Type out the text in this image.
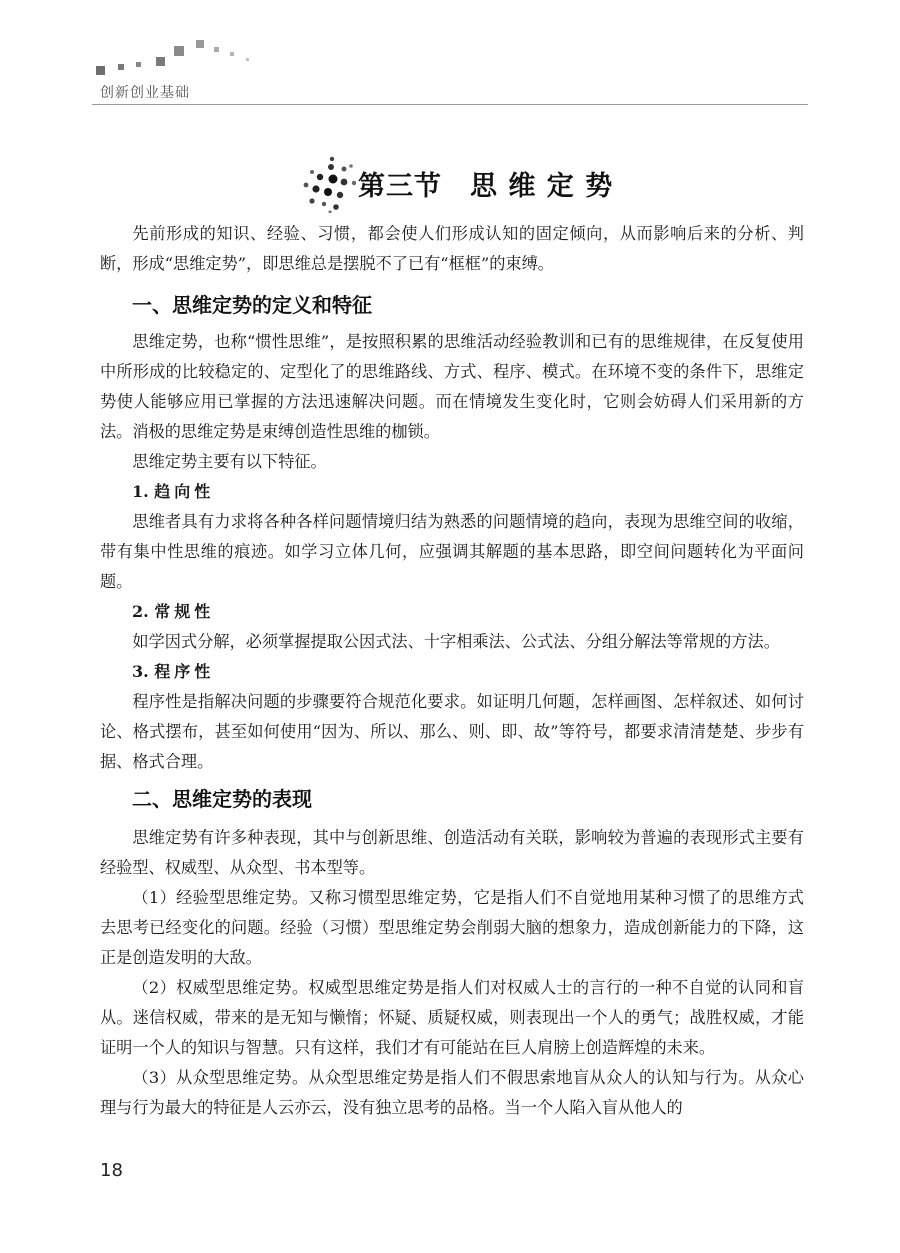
创新创业基础
第三节　思 维 定 势

先前形成的知识、经验、习惯，都会使人们形成认知的固定倾向，从而影响后来的分析、判断，形成“思维定势”，即思维总是摆脱不了已有“框框”的束缚。

一、思维定势的定义和特征

思维定势，也称“惯性思维”，是按照积累的思维活动经验教训和已有的思维规律，在反复使用中所形成的比较稳定的、定型化了的思维路线、方式、程序、模式。在环境不变的条件下，思维定势使人能够应用已掌握的方法迅速解决问题。而在情境发生变化时，它则会妨碍人们采用新的方法。消极的思维定势是束缚创造性思维的枷锁。

思维定势主要有以下特征。

1. 趋向性

思维者具有力求将各种各样问题情境归结为熟悉的问题情境的趋向，表现为思维空间的收缩，带有集中性思维的痕迹。如学习立体几何，应强调其解题的基本思路，即空间问题转化为平面问题。

2. 常规性

如学因式分解，必须掌握提取公因式法、十字相乘法、公式法、分组分解法等常规的方法。

3. 程序性

程序性是指解决问题的步骤要符合规范化要求。如证明几何题，怎样画图、怎样叙述、如何讨论、格式摆布，甚至如何使用“因为、所以、那么、则、即、故”等符号，都要求清清楚楚、步步有据、格式合理。

二、思维定势的表现

思维定势有许多种表现，其中与创新思维、创造活动有关联，影响较为普遍的表现形式主要有经验型、权威型、从众型、书本型等。

（1）经验型思维定势。又称习惯型思维定势，它是指人们不自觉地用某种习惯了的思维方式去思考已经变化的问题。经验（习惯）型思维定势会削弱大脑的想象力，造成创新能力的下降，这正是创造发明的大敌。

（2）权威型思维定势。权威型思维定势是指人们对权威人士的言行的一种不自觉的认同和盲从。迷信权威，带来的是无知与懒惰；怀疑、质疑权威，则表现出一个人的勇气；战胜权威，才能证明一个人的知识与智慧。只有这样，我们才有可能站在巨人肩膀上创造辉煌的未来。

（3）从众型思维定势。从众型思维定势是指人们不假思索地盲从众人的认知与行为。从众心理与行为最大的特征是人云亦云，没有独立思考的品格。当一个人陷入盲从他人的

18
